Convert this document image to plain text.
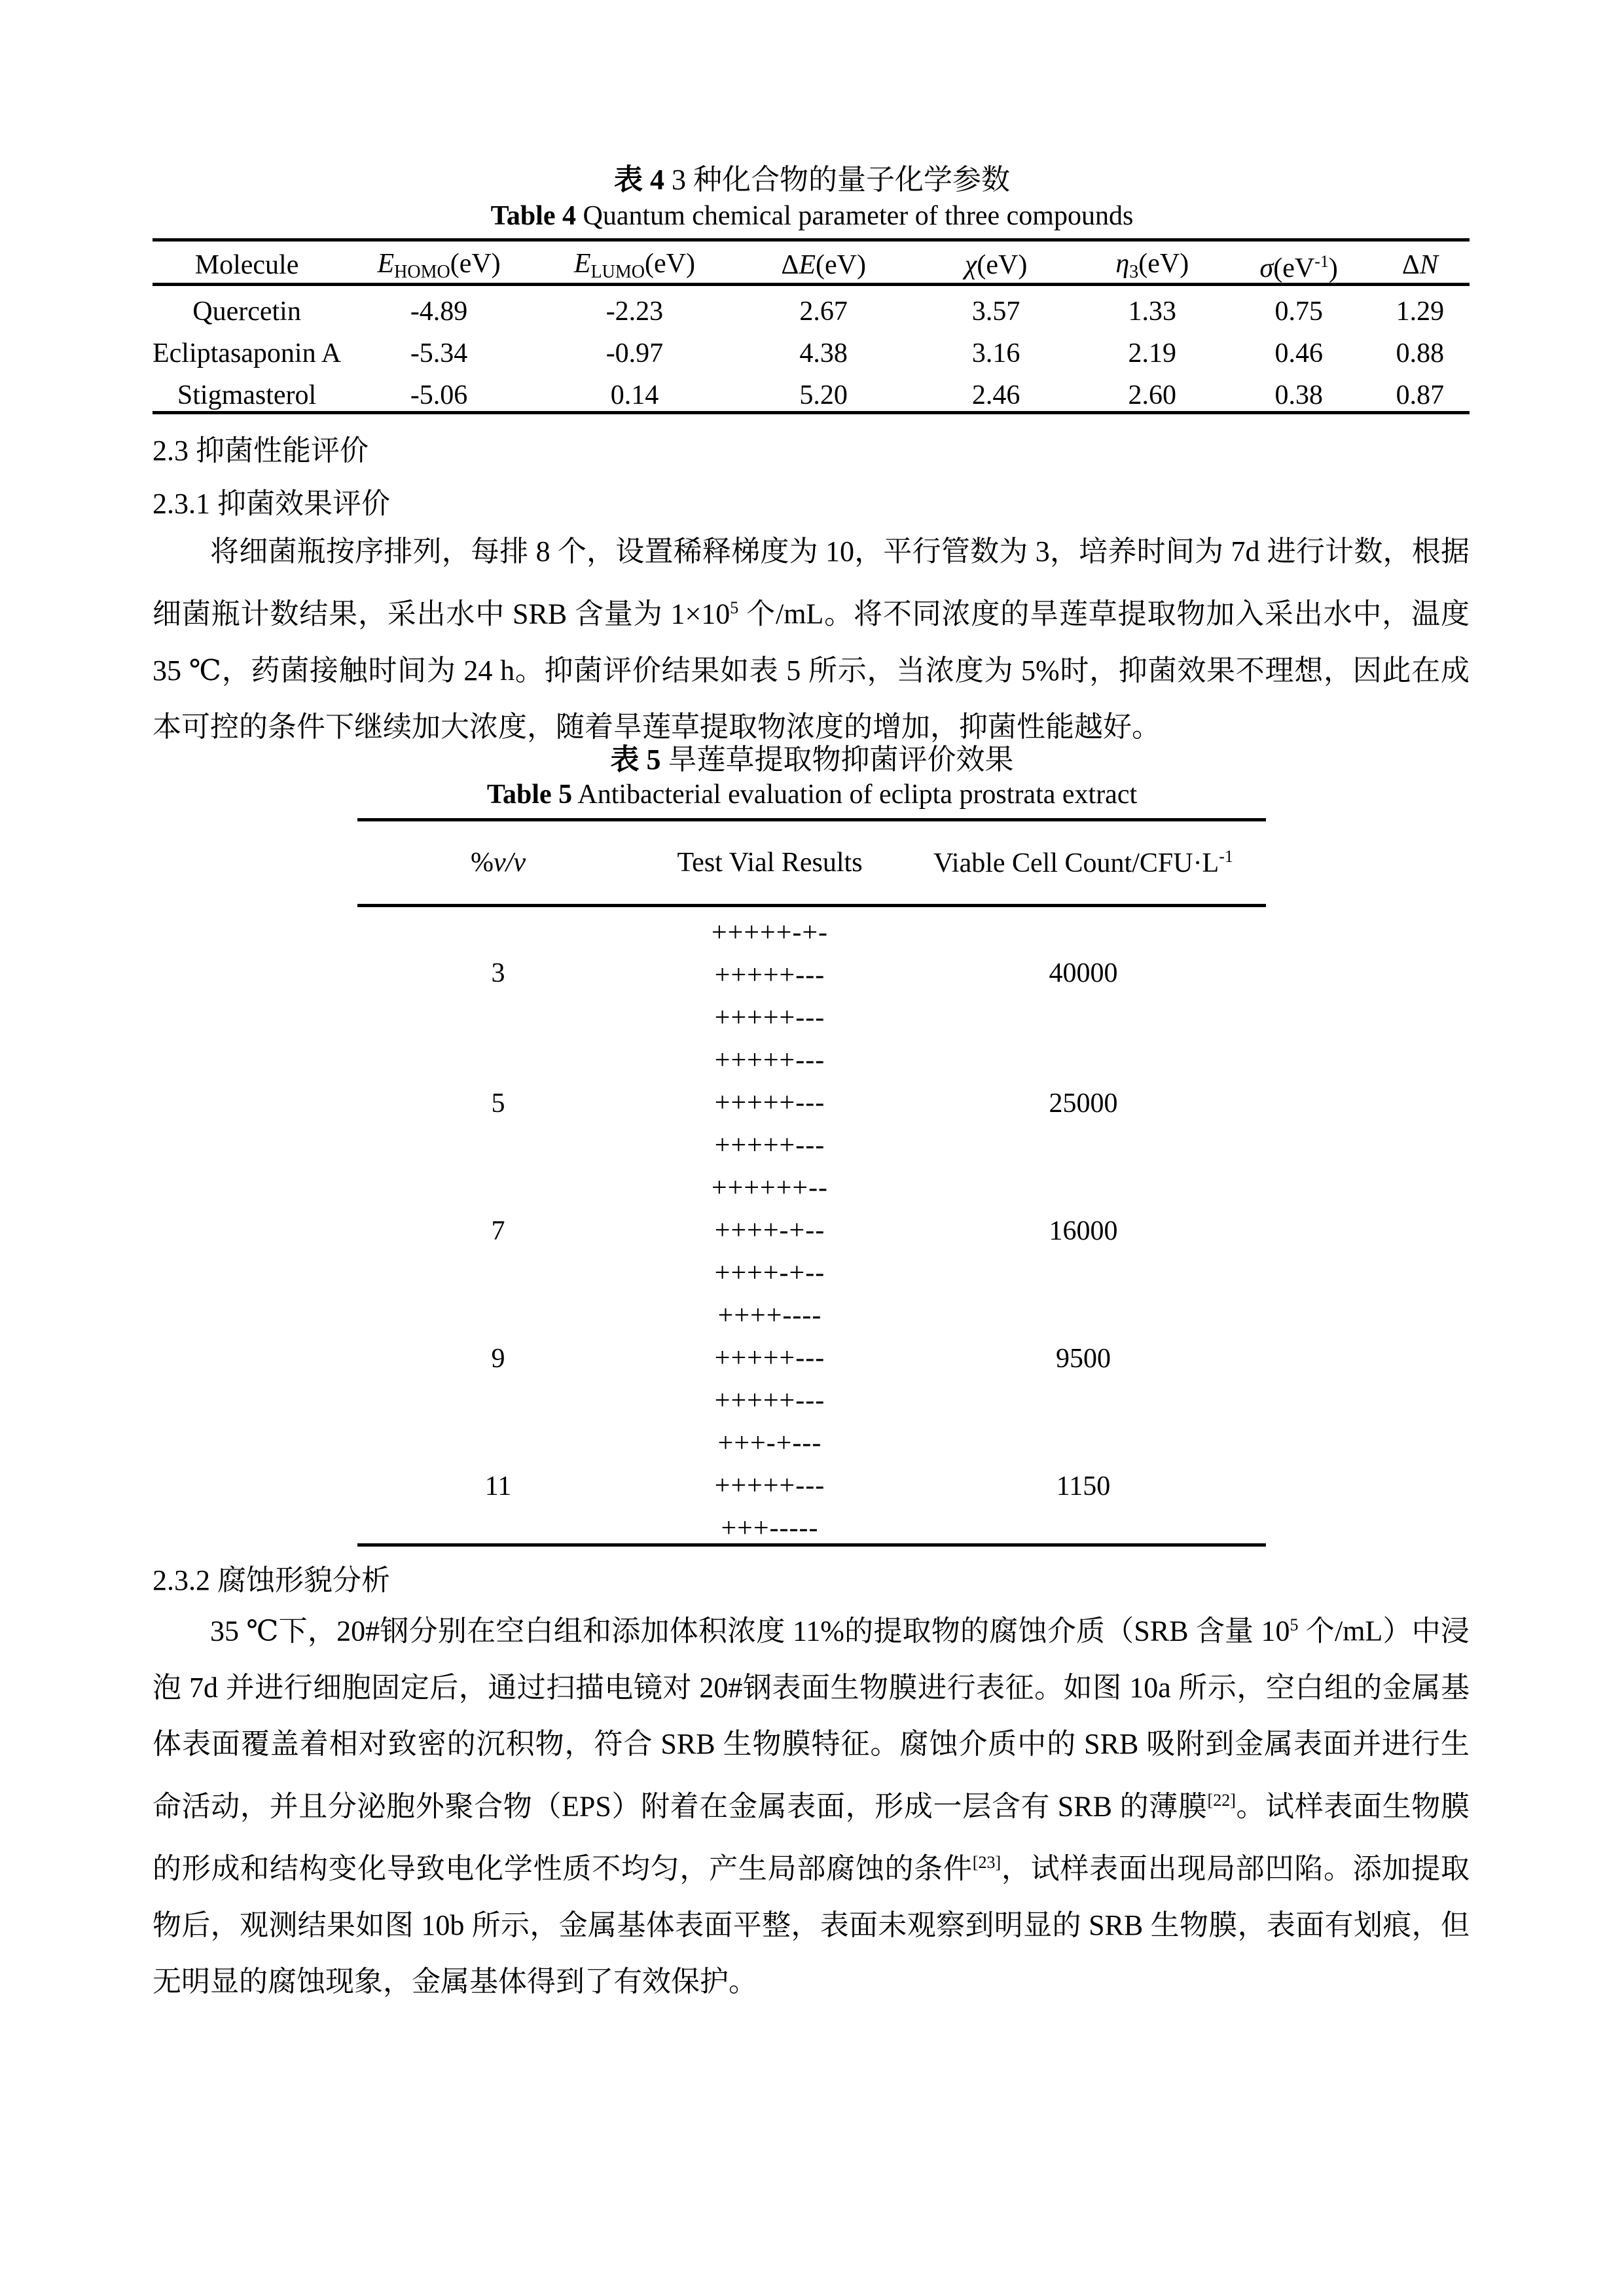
表 4 3 种化合物的量子化学参数
Table 4 Quantum chemical parameter of three compounds
Molecule	EHOMO(eV)	ELUMO(eV)	ΔE(eV)	χ(eV)	η3(eV)	$\sigma(eV^{-1})$	ΔN
Quercetin	-4.89	-2.23	2.67	3.57	1.33	0.75	1.29
Ecliptasaponin A	-5.34	-0.97	4.38	3.16	2.19	0.46	0.88
Stigmasterol	-5.06	0.14	5.20	2.46	2.60	0.38	0.87
2.3 抑菌性能评价
2.3.1 抑菌效果评价
将细菌瓶按序排列，每排 8 个，设置稀释梯度为 10，平行管数为 3，培养时间为 7d 进行计数，根据细菌瓶计数结果，采出水中 SRB 含量为 $1\times 10^5$ 个/mL。将不同浓度的旱莲草提取物加入采出水中，温度 35 ℃，药菌接触时间为 24 h。抑菌评价结果如表 5 所示，当浓度为 5%时，抑菌效果不理想，因此在成本可控的条件下继续加大浓度，随着旱莲草提取物浓度的增加，抑菌性能越好。
表 5 旱莲草提取物抑菌评价效果
Table 5 Antibacterial evaluation of eclipta prostrata extract
%v/v	Test Vial Results	Viable Cell Count/$CFU\cdot L^{-1}$
3	+++++-+-
+++++---
+++++---	40000
5	+++++---
+++++---
+++++---	25000
7	++++++--
++++-+--
++++-+--	16000
9	++++----
+++++---
+++++---	9500
11	+++-+---
+++++---
+++-----	1150
2.3.2 腐蚀形貌分析
35 ℃下，20#钢分别在空白组和添加体积浓度 11%的提取物的腐蚀介质（SRB 含量 $10^5$ 个/mL）中浸泡 7d 并进行细胞固定后，通过扫描电镜对 20#钢表面生物膜进行表征。如图 10a 所示，空白组的金属基体表面覆盖着相对致密的沉积物，符合 SRB 生物膜特征。腐蚀介质中的 SRB 吸附到金属表面并进行生命活动，并且分泌胞外聚合物（EPS）附着在金属表面，形成一层含有 SRB 的薄膜[22]。试样表面生物膜的形成和结构变化导致电化学性质不均匀，产生局部腐蚀的条件[23]，试样表面出现局部凹陷。添加提取物后，观测结果如图 10b 所示，金属基体表面平整，表面未观察到明显的 SRB 生物膜，表面有划痕，但无明显的腐蚀现象，金属基体得到了有效保护。
